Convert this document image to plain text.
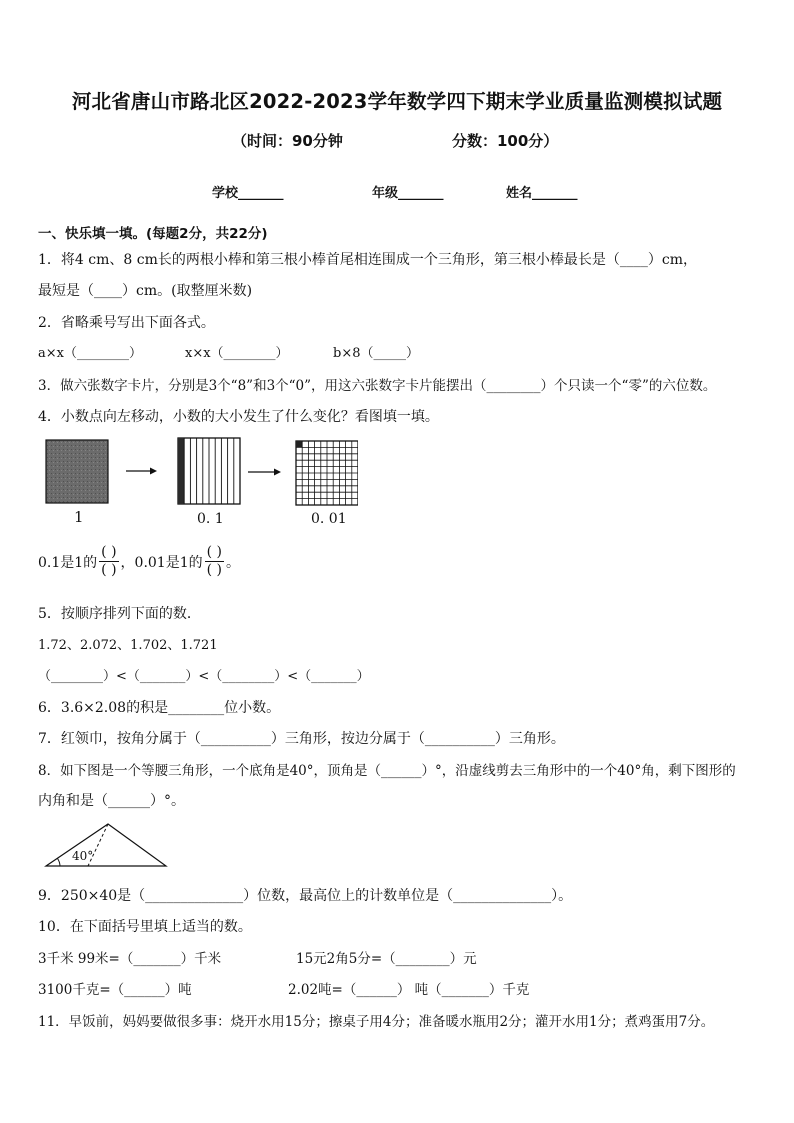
河北省唐山市路北区2022-2023学年数学四下期末学业质量监测模拟试题
（时间：90分钟	分数：100分）
学校_______	年级_______	姓名_______
一、快乐填一填。(每题2分，共22分)
1．将4 cm、8 cm长的两根小棒和第三根小棒首尾相连围成一个三角形，第三根小棒最长是（____）cm，
最短是（____）cm。(取整厘米数)
2．省略乘号写出下面各式。
a×x（________）	x×x（________）	b×8（_____）
3．做六张数字卡片，分别是3个“8”和3个“0”，用这六张数字卡片能摆出（________）个只读一个“零”的六位数。
4．小数点向左移动，小数的大小发生了什么变化？看图填一填。
1	0. 1	0. 01
0.1是1的 $\frac{( )}{( )}$ ，0.01是1的 $\frac{( )}{( )}$ 。
5．按顺序排列下面的数．
1.72、2.072、1.702、1.721
（________）<（_______）<（________）<（_______）
6．3.6×2.08的积是________位小数。
7．红领巾，按角分属于（__________）三角形，按边分属于（__________）三角形。
8．如下图是一个等腰三角形，一个底角是40°，顶角是（______）°，沿虚线剪去三角形中的一个40°角，剩下图形的
内角和是（______）°。
40°
9．250×40是（______________）位数，最高位上的计数单位是（______________）。
10．在下面括号里填上适当的数。
3千米 99米=（_______）千米	15元2角5分=（________）元
3100千克=（______）吨	2.02吨=（______） 吨（_______）千克
11．早饭前，妈妈要做很多事：烧开水用15分；擦桌子用4分；准备暖水瓶用2分；灌开水用1分；煮鸡蛋用7分。
